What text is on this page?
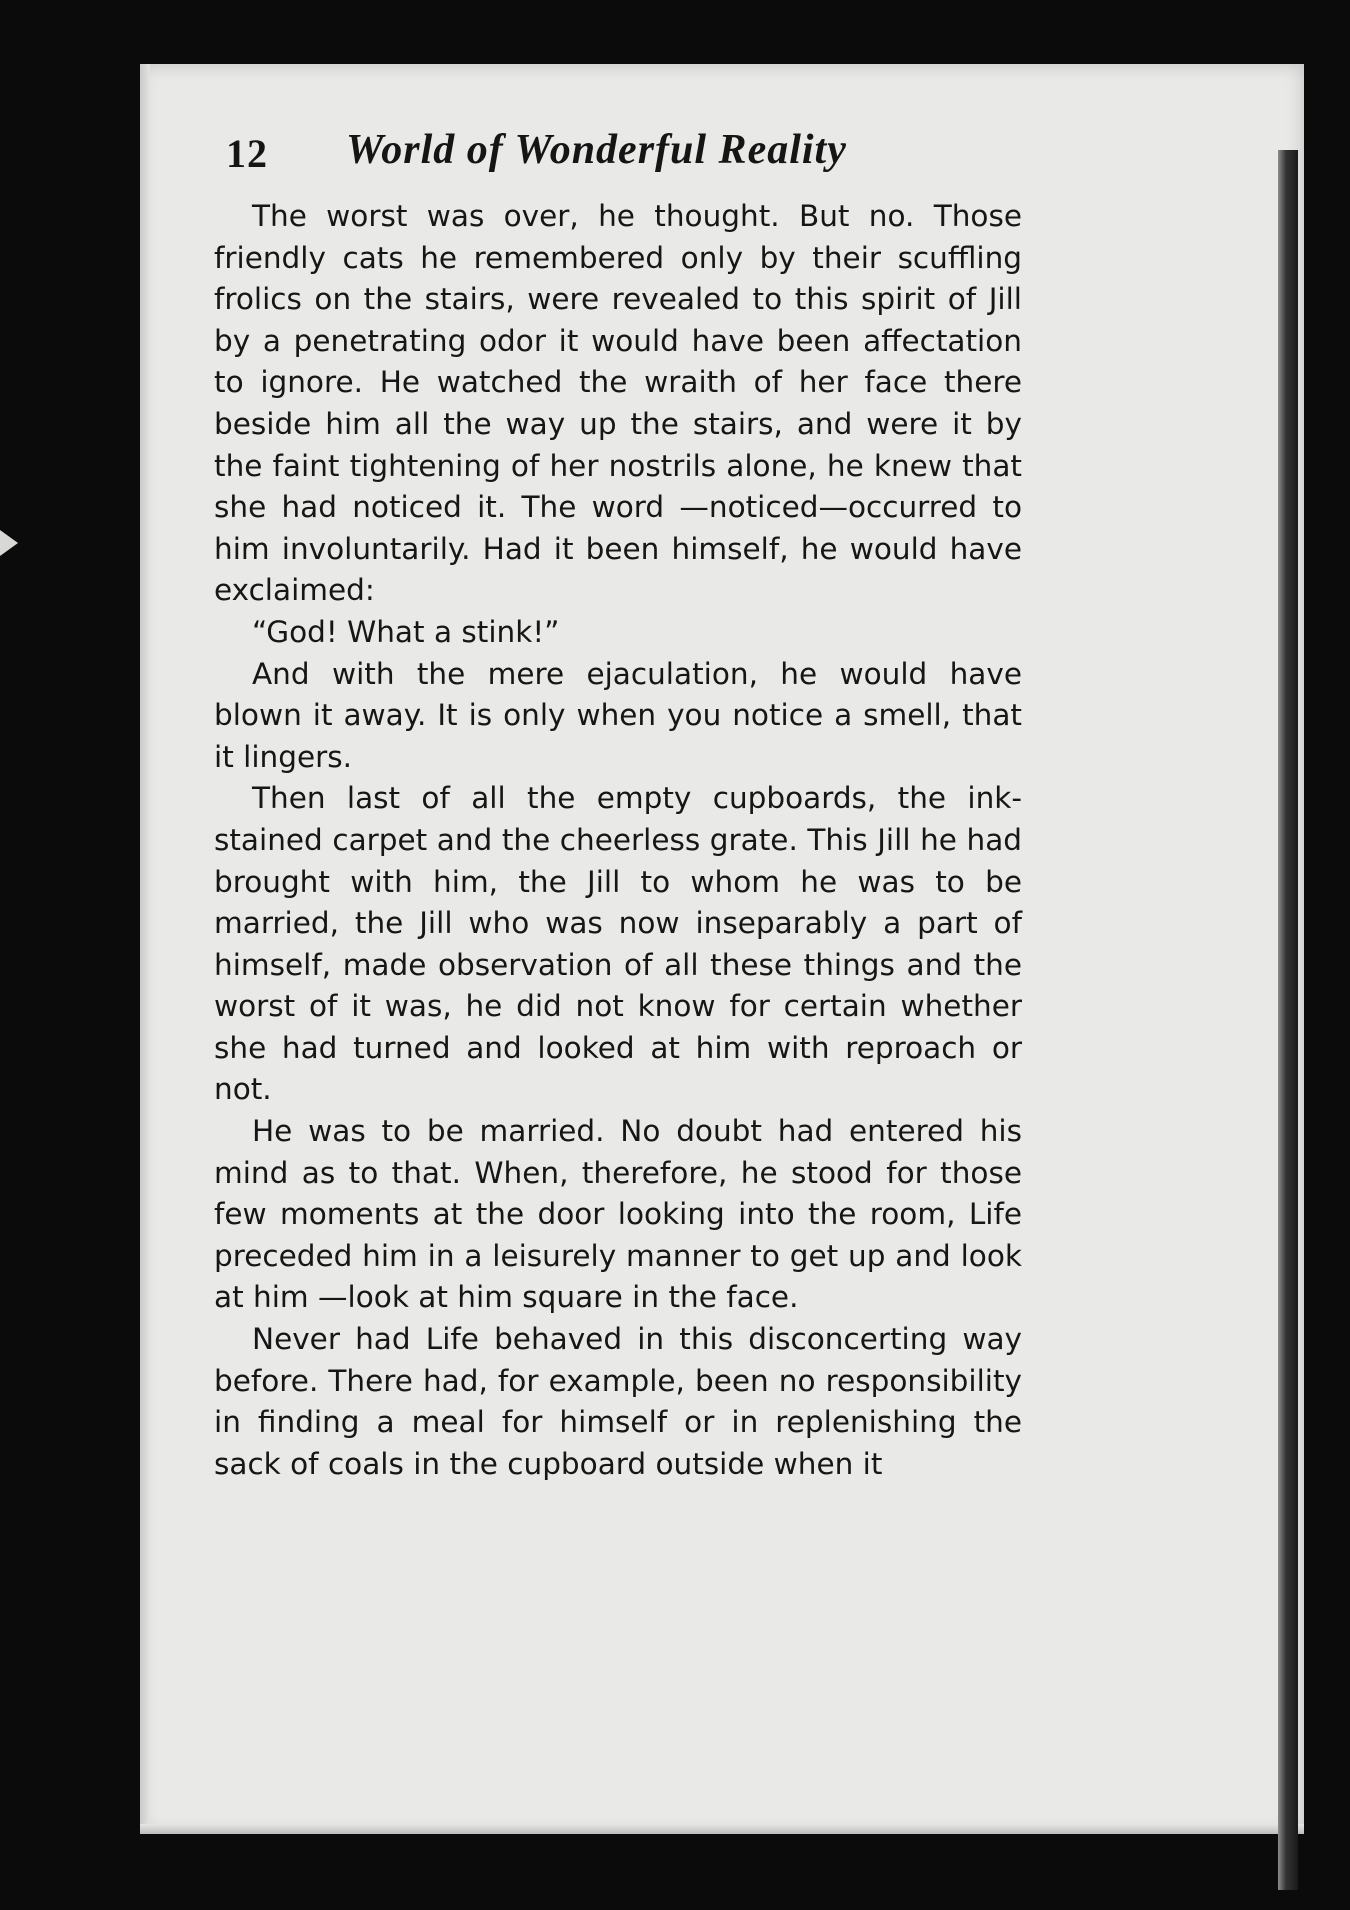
12 World of Wonderful Reality

The worst was over, he thought. But no. Those friendly cats he remembered only by their scuffling frolics on the stairs, were revealed to this spirit of Jill by a penetrating odor it would have been affectation to ignore. He watched the wraith of her face there beside him all the way up the stairs, and were it by the faint tightening of her nostrils alone, he knew that she had noticed it. The word —noticed—occurred to him involuntarily. Had it been himself, he would have exclaimed:

“God! What a stink!”

And with the mere ejaculation, he would have blown it away. It is only when you notice a smell, that it lingers.

Then last of all the empty cupboards, the ink-stained carpet and the cheerless grate. This Jill he had brought with him, the Jill to whom he was to be married, the Jill who was now inseparably a part of himself, made observation of all these things and the worst of it was, he did not know for certain whether she had turned and looked at him with reproach or not.

He was to be married. No doubt had entered his mind as to that. When, therefore, he stood for those few moments at the door looking into the room, Life preceded him in a leisurely manner to get up and look at him —look at him square in the face.

Never had Life behaved in this disconcerting way before. There had, for example, been no responsibility in finding a meal for himself or in replenishing the sack of coals in the cupboard outside when it
